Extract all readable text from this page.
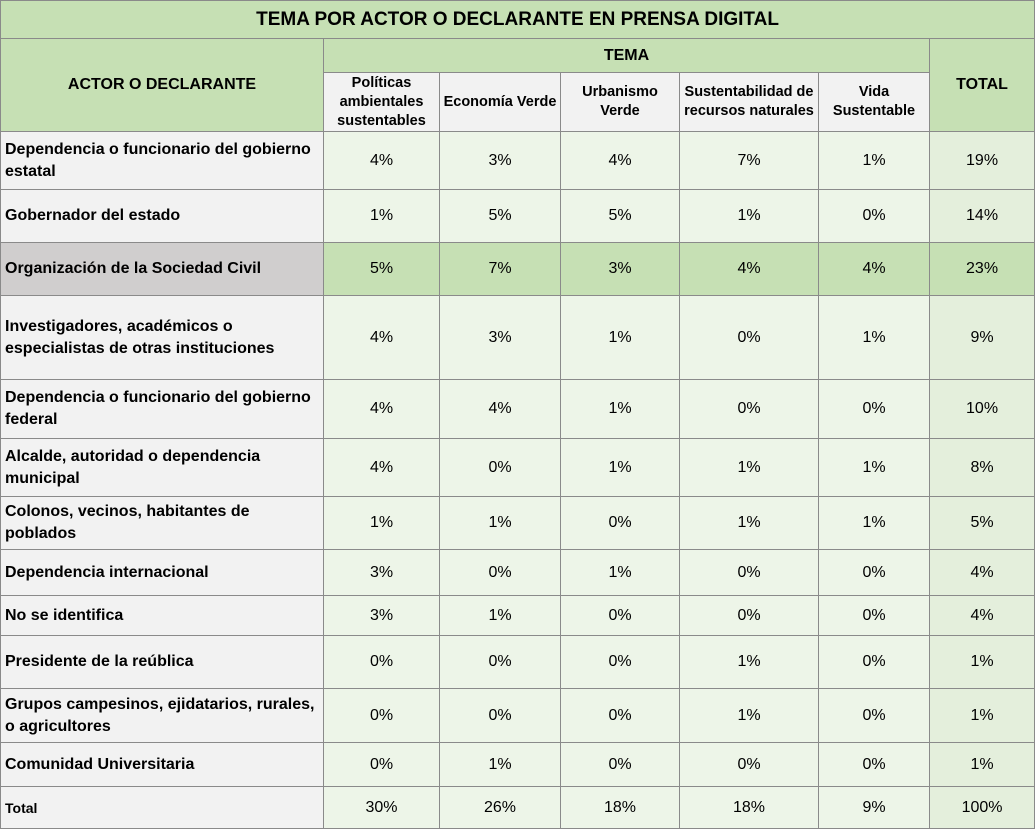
TEMA POR ACTOR O DECLARANTE EN PRENSA DIGITAL						
ACTOR O DECLARANTE	TEMA					TOTAL
	Políticas ambientales sustentables	Economía Verde	Urbanismo Verde	Sustentabilidad de recursos naturales	Vida Sustentable	
Dependencia o funcionario del gobierno estatal	4%	3%	4%	7%	1%	19%
Gobernador del estado	1%	5%	5%	1%	0%	14%
Organización de la Sociedad Civil	5%	7%	3%	4%	4%	23%
Investigadores, académicos o especialistas de otras instituciones	4%	3%	1%	0%	1%	9%
Dependencia o funcionario del gobierno federal	4%	4%	1%	0%	0%	10%
Alcalde, autoridad o dependencia municipal	4%	0%	1%	1%	1%	8%
Colonos, vecinos, habitantes de poblados	1%	1%	0%	1%	1%	5%
Dependencia internacional	3%	0%	1%	0%	0%	4%
No se identifica	3%	1%	0%	0%	0%	4%
Presidente de la reública	0%	0%	0%	1%	0%	1%
Grupos campesinos, ejidatarios, rurales, o agricultores	0%	0%	0%	1%	0%	1%
Comunidad Universitaria	0%	1%	0%	0%	0%	1%
Total	30%	26%	18%	18%	9%	100%
